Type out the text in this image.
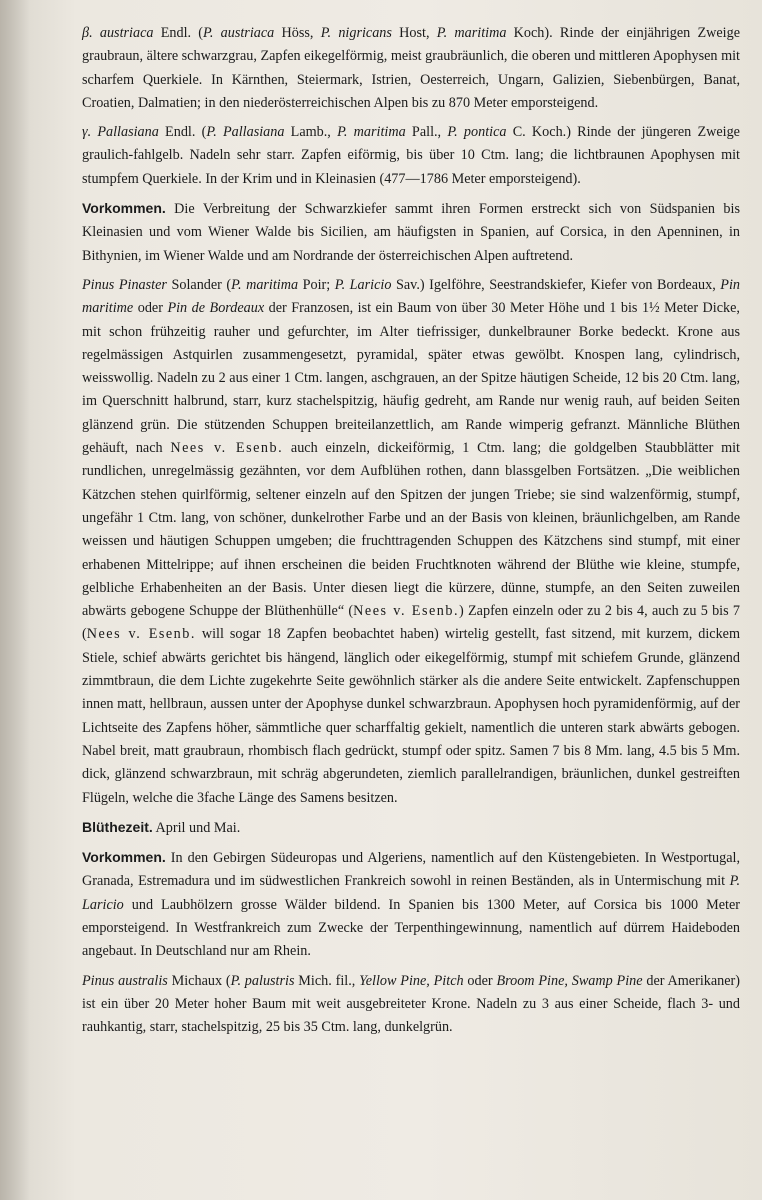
β. austriaca Endl. (P. austriaca Höss, P. nigricans Host, P. maritima Koch). Rinde der einjährigen Zweige graubraun, ältere schwarzgrau, Zapfen eikegelförmig, meist graubräunlich, die oberen und mittleren Apophysen mit scharfem Querkiele. In Kärnthen, Steiermark, Istrien, Oesterreich, Ungarn, Galizien, Siebenbürgen, Banat, Croatien, Dalmatien; in den niederösterreichischen Alpen bis zu 870 Meter emporsteigend.

γ. Pallasiana Endl. (P. Pallasiana Lamb., P. maritima Pall., P. pontica C. Koch.) Rinde der jüngeren Zweige graulich-fahlgelb. Nadeln sehr starr. Zapfen eiförmig, bis über 10 Ctm. lang; die lichtbraunen Apophysen mit stumpfem Querkiele. In der Krim und in Kleinasien (477—1786 Meter emporsteigend).

Vorkommen. Die Verbreitung der Schwarzkiefer sammt ihren Formen erstreckt sich von Südspanien bis Kleinasien und vom Wiener Walde bis Sicilien, am häufigsten in Spanien, auf Corsica, in den Apenninen, in Bithynien, im Wiener Walde und am Nordrande der österreichischen Alpen auftretend.

Pinus Pinaster Solander (P. maritima Poir; P. Laricio Sav.) Igelföhre, Seestrandskiefer, Kiefer von Bordeaux, Pin maritime oder Pin de Bordeaux der Franzosen, ist ein Baum von über 30 Meter Höhe und 1 bis 1½ Meter Dicke, mit schon frühzeitig rauher und gefurchter, im Alter tiefrissiger, dunkelbrauner Borke bedeckt. Krone aus regelmässigen Astquirlen zusammengesetzt, pyramidal, später etwas gewölbt. Knospen lang, cylindrisch, weisswollig. Nadeln zu 2 aus einer 1 Ctm. langen, aschgrauen, an der Spitze häutigen Scheide, 12 bis 20 Ctm. lang, im Querschnitt halbrund, starr, kurz stachelspitzig, häufig gedreht, am Rande nur wenig rauh, auf beiden Seiten glänzend grün. Die stützenden Schuppen breiteilanzettlich, am Rande wimperig gefranzt. Männliche Blüthen gehäuft, nach Nees v. Esenb. auch einzeln, dickeiförmig, 1 Ctm. lang; die goldgelben Staubblätter mit rundlichen, unregelmässig gezähnten, vor dem Aufblühen rothen, dann blassgelben Fortsätzen. „Die weiblichen Kätzchen stehen quirlförmig, seltener einzeln auf den Spitzen der jungen Triebe; sie sind walzenförmig, stumpf, ungefähr 1 Ctm. lang, von schöner, dunkelrother Farbe und an der Basis von kleinen, bräunlichgelben, am Rande weissen und häutigen Schuppen umgeben; die fruchttragenden Schuppen des Kätzchens sind stumpf, mit einer erhabenen Mittelrippe; auf ihnen erscheinen die beiden Fruchtknoten während der Blüthe wie kleine, stumpfe, gelbliche Erhabenheiten an der Basis. Unter diesen liegt die kürzere, dünne, stumpfe, an den Seiten zuweilen abwärts gebogene Schuppe der Blüthenhülle“ (Nees v. Esenb.) Zapfen einzeln oder zu 2 bis 4, auch zu 5 bis 7 (Nees v. Esenb. will sogar 18 Zapfen beobachtet haben) wirtelig gestellt, fast sitzend, mit kurzem, dickem Stiele, schief abwärts gerichtet bis hängend, länglich oder eikegelförmig, stumpf mit schiefem Grunde, glänzend zimmtbraun, die dem Lichte zugekehrte Seite gewöhnlich stärker als die andere Seite entwickelt. Zapfenschuppen innen matt, hellbraun, aussen unter der Apophyse dunkel schwarzbraun. Apophysen hoch pyramidenförmig, auf der Lichtseite des Zapfens höher, sämmtliche quer scharffaltig gekielt, namentlich die unteren stark abwärts gebogen. Nabel breit, matt graubraun, rhombisch flach gedrückt, stumpf oder spitz. Samen 7 bis 8 Mm. lang, 4.5 bis 5 Mm. dick, glänzend schwarzbraun, mit schräg abgerundeten, ziemlich parallelrandigen, bräunlichen, dunkel gestreiften Flügeln, welche die 3fache Länge des Samens besitzen.

Blüthezeit. April und Mai.

Vorkommen. In den Gebirgen Südeuropas und Algeriens, namentlich auf den Küstengebieten. In Westportugal, Granada, Estremadura und im südwestlichen Frankreich sowohl in reinen Beständen, als in Untermischung mit P. Laricio und Laubhölzern grosse Wälder bildend. In Spanien bis 1300 Meter, auf Corsica bis 1000 Meter emporsteigend. In Westfrankreich zum Zwecke der Terpenthingewinnung, namentlich auf dürrem Haideboden angebaut. In Deutschland nur am Rhein.

Pinus australis Michaux (P. palustris Mich. fil., Yellow Pine, Pitch oder Broom Pine, Swamp Pine der Amerikaner) ist ein über 20 Meter hoher Baum mit weit ausgebreiteter Krone. Nadeln zu 3 aus einer Scheide, flach 3- und rauhkantig, starr, stachelspitzig, 25 bis 35 Ctm. lang, dunkelgrün.
